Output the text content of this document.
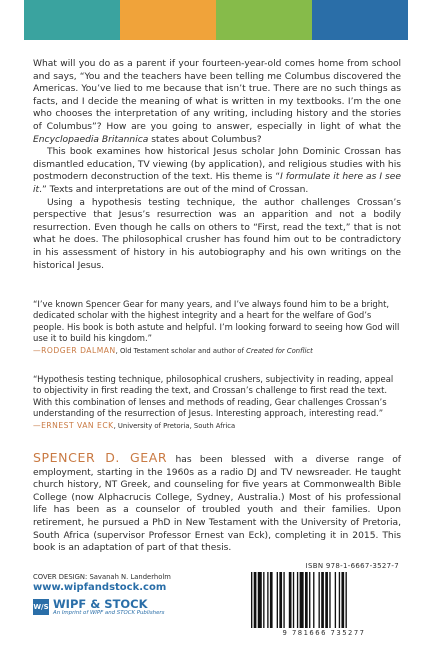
What will you do as a parent if your fourteen-year-old comes home from school and says, “You and the teachers have been telling me Columbus discovered the Americas. You’ve lied to me because that isn’t true. There are no such things as facts, and I decide the meaning of what is written in my textbooks. I’m the one who chooses the interpretation of any writing, including history and the stories of Columbus”? How are you going to answer, especially in light of what the Encyclopaedia Britannica states about Columbus?

This book examines how historical Jesus scholar John Dominic Crossan has dismantled education, TV viewing (by application), and religious studies with his postmodern deconstruction of the text. His theme is “I formulate it here as I see it.” Texts and interpretations are out of the mind of Crossan.

Using a hypothesis testing technique, the author challenges Crossan’s perspective that Jesus’s resurrection was an apparition and not a bodily resurrection. Even though he calls on others to “First, read the text,” that is not what he does. The philosophical crusher has found him out to be contradictory in his assessment of history in his autobiography and his own writings on the historical Jesus.

“I’ve known Spencer Gear for many years, and I’ve always found him to be a bright, dedicated scholar with the highest integrity and a heart for the welfare of God’s people. His book is both astute and helpful. I’m looking forward to seeing how God will use it to build his kingdom.”

—RODGER DALMAN, Old Testament scholar and author of Created for Conflict

“Hypothesis testing technique, philosophical crushers, subjectivity in reading, appeal to objectivity in first reading the text, and Crossan’s challenge to first read the text. With this combination of lenses and methods of reading, Gear challenges Crossan’s understanding of the resurrection of Jesus. Interesting approach, interesting read.”

—ERNEST VAN ECK, University of Pretoria, South Africa
SPENCER D. GEAR has been blessed with a diverse range of employment, starting in the 1960s as a radio DJ and TV newsreader. He taught church history, NT Greek, and counseling for five years at Commonwealth Bible College (now Alphacrucis College, Sydney, Australia.) Most of his professional life has been as a counselor of troubled youth and their families. Upon retirement, he pursued a PhD in New Testament with the University of Pretoria, South Africa (supervisor Professor Ernest van Eck), completing it in 2015. This book is an adaptation of part of that thesis.
COVER DESIGN: Savanah N. Landerholm
www.wipfandstock.com
W/S WIPF & STOCK
An Imprint of WIPF and STOCK Publishers
ISBN 978-1-6667-3527-7
9 781666 735277
